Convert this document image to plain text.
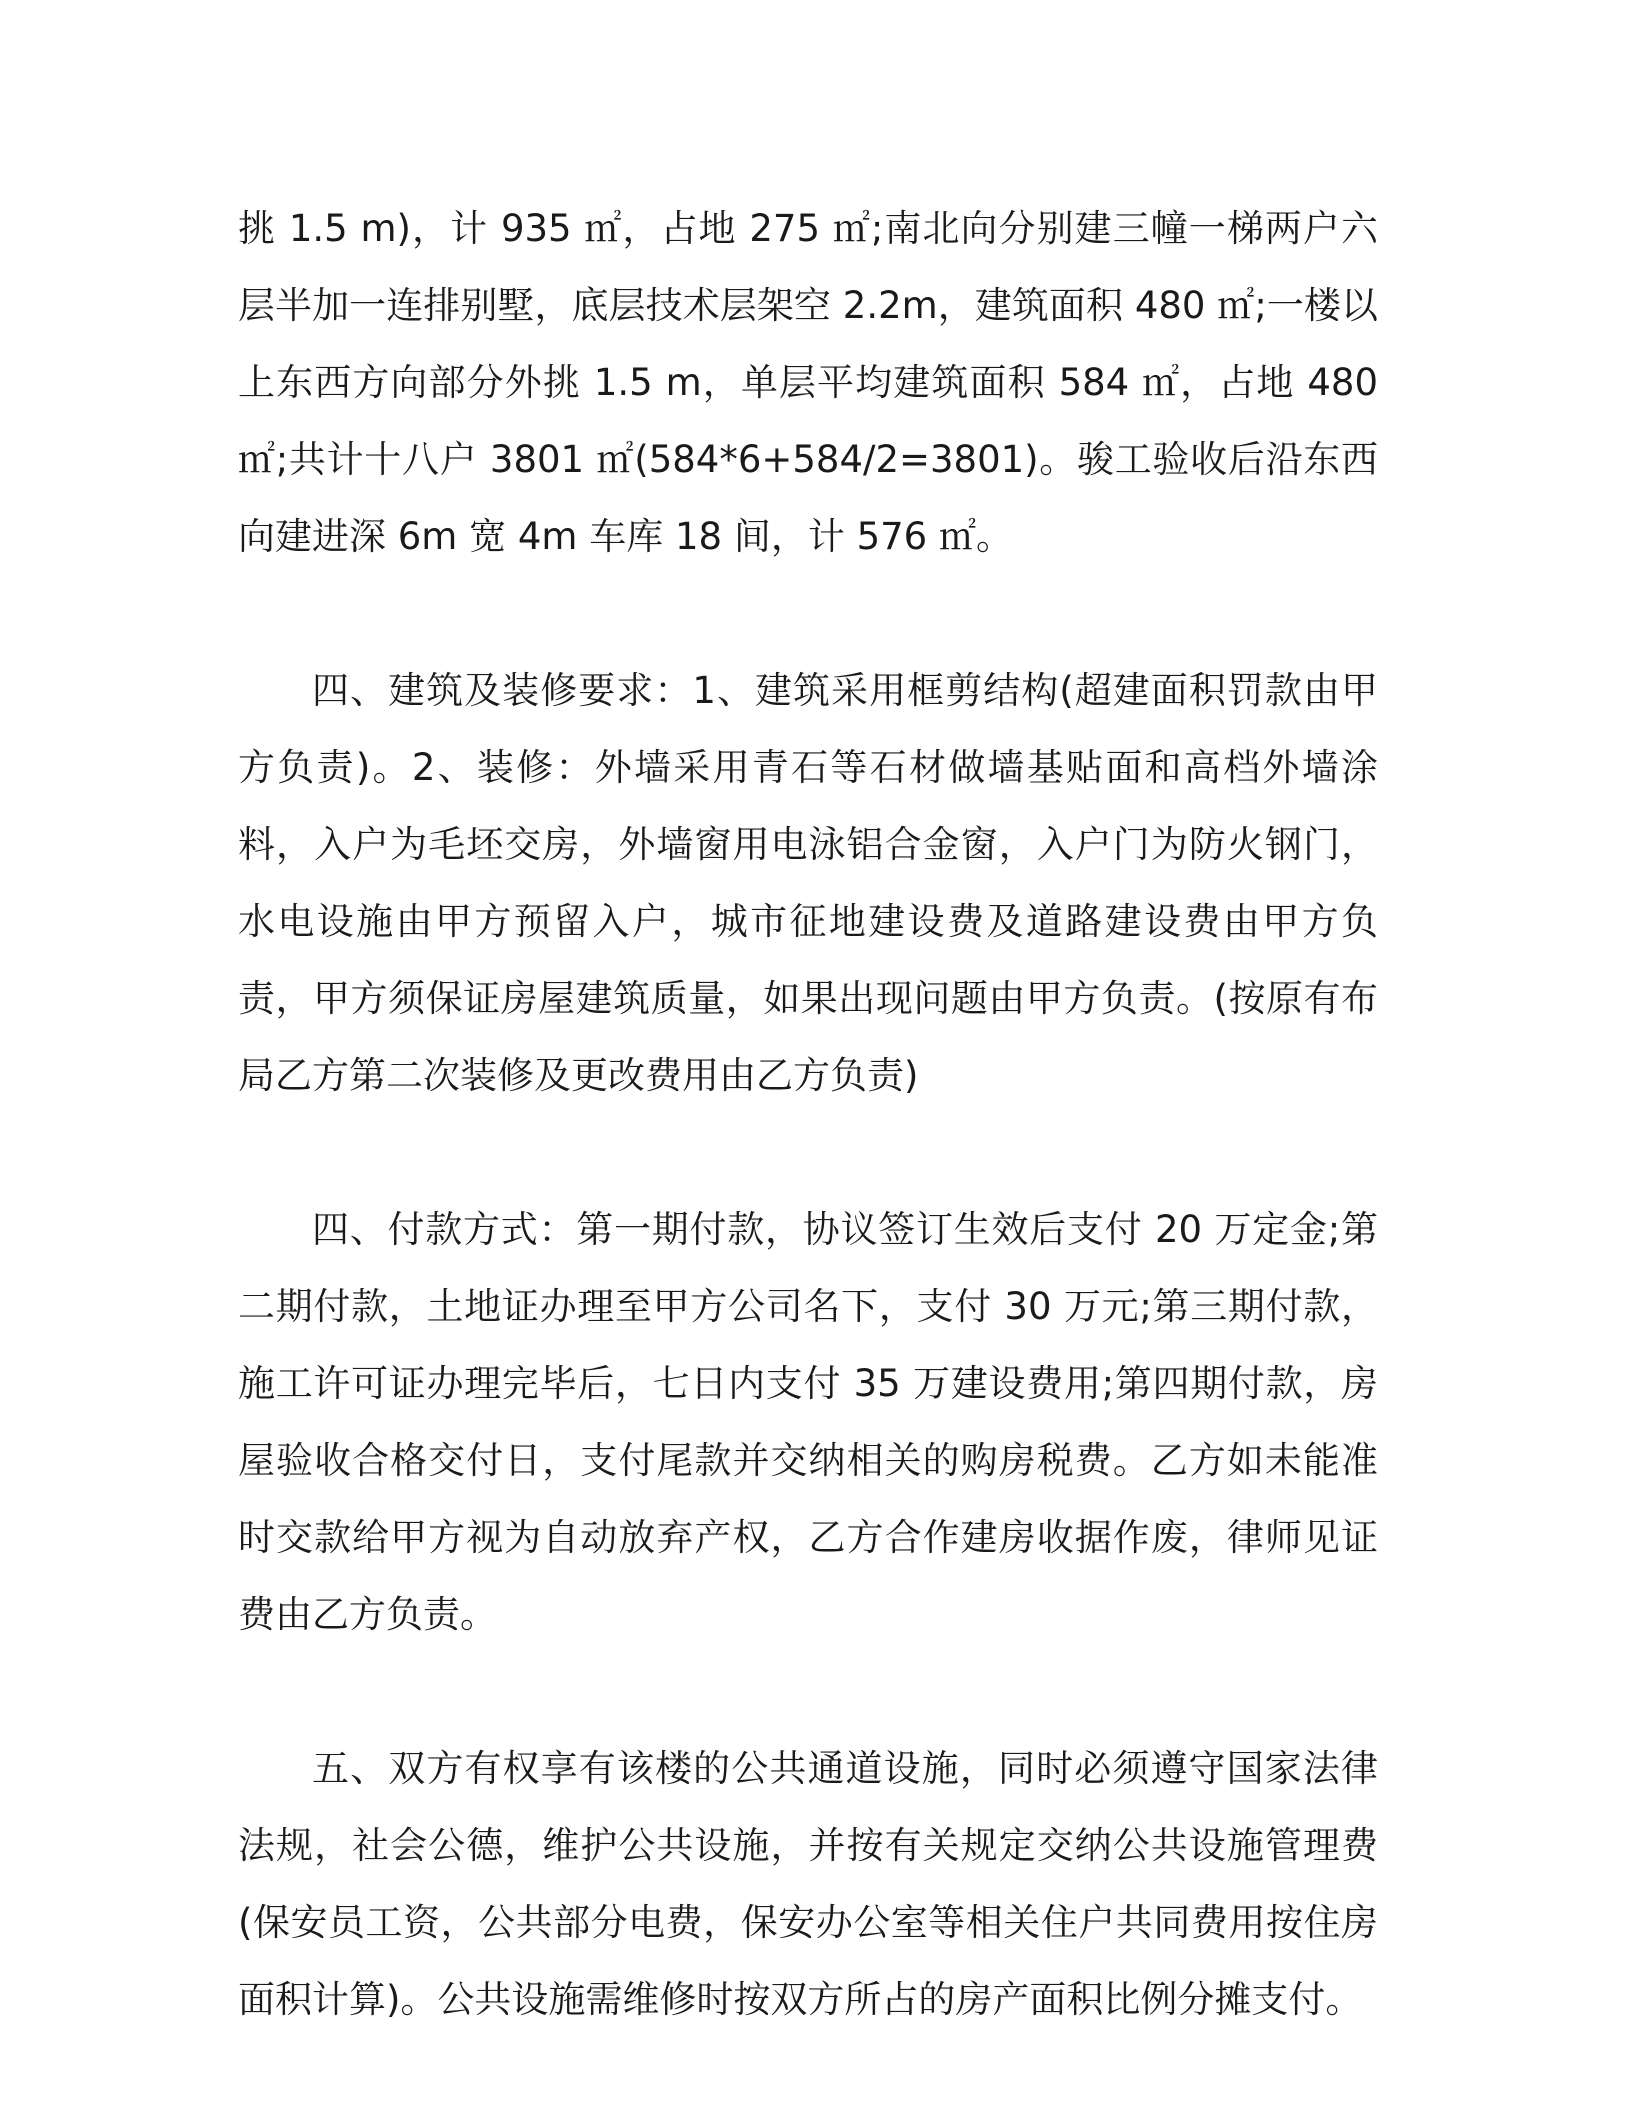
挑 1.5 m)，计 935 ㎡，占地 275 ㎡;南北向分别建三幢一梯两户六层半加一连排别墅，底层技术层架空 2.2m，建筑面积 480 ㎡;一楼以上东西方向部分外挑 1.5 m，单层平均建筑面积 584 ㎡，占地 480 ㎡;共计十八户 3801 ㎡(584*6+584/2=3801)。骏工验收后沿东西向建进深 6m 宽 4m 车库 18 间，计 576 ㎡。

四、建筑及装修要求：1、建筑采用框剪结构(超建面积罚款由甲方负责)。2、装修：外墙采用青石等石材做墙基贴面和高档外墙涂料，入户为毛坯交房，外墙窗用电泳铝合金窗，入户门为防火钢门，水电设施由甲方预留入户，城市征地建设费及道路建设费由甲方负责，甲方须保证房屋建筑质量，如果出现问题由甲方负责。(按原有布局乙方第二次装修及更改费用由乙方负责)

四、付款方式：第一期付款，协议签订生效后支付 20 万定金;第二期付款，土地证办理至甲方公司名下，支付 30 万元;第三期付款，施工许可证办理完毕后，七日内支付 35 万建设费用;第四期付款，房屋验收合格交付日，支付尾款并交纳相关的购房税费。乙方如未能准时交款给甲方视为自动放弃产权，乙方合作建房收据作废，律师见证费由乙方负责。

五、双方有权享有该楼的公共通道设施，同时必须遵守国家法律法规，社会公德，维护公共设施，并按有关规定交纳公共设施管理费(保安员工资，公共部分电费，保安办公室等相关住户共同费用按住房面积计算)。公共设施需维修时按双方所占的房产面积比例分摊支付。
